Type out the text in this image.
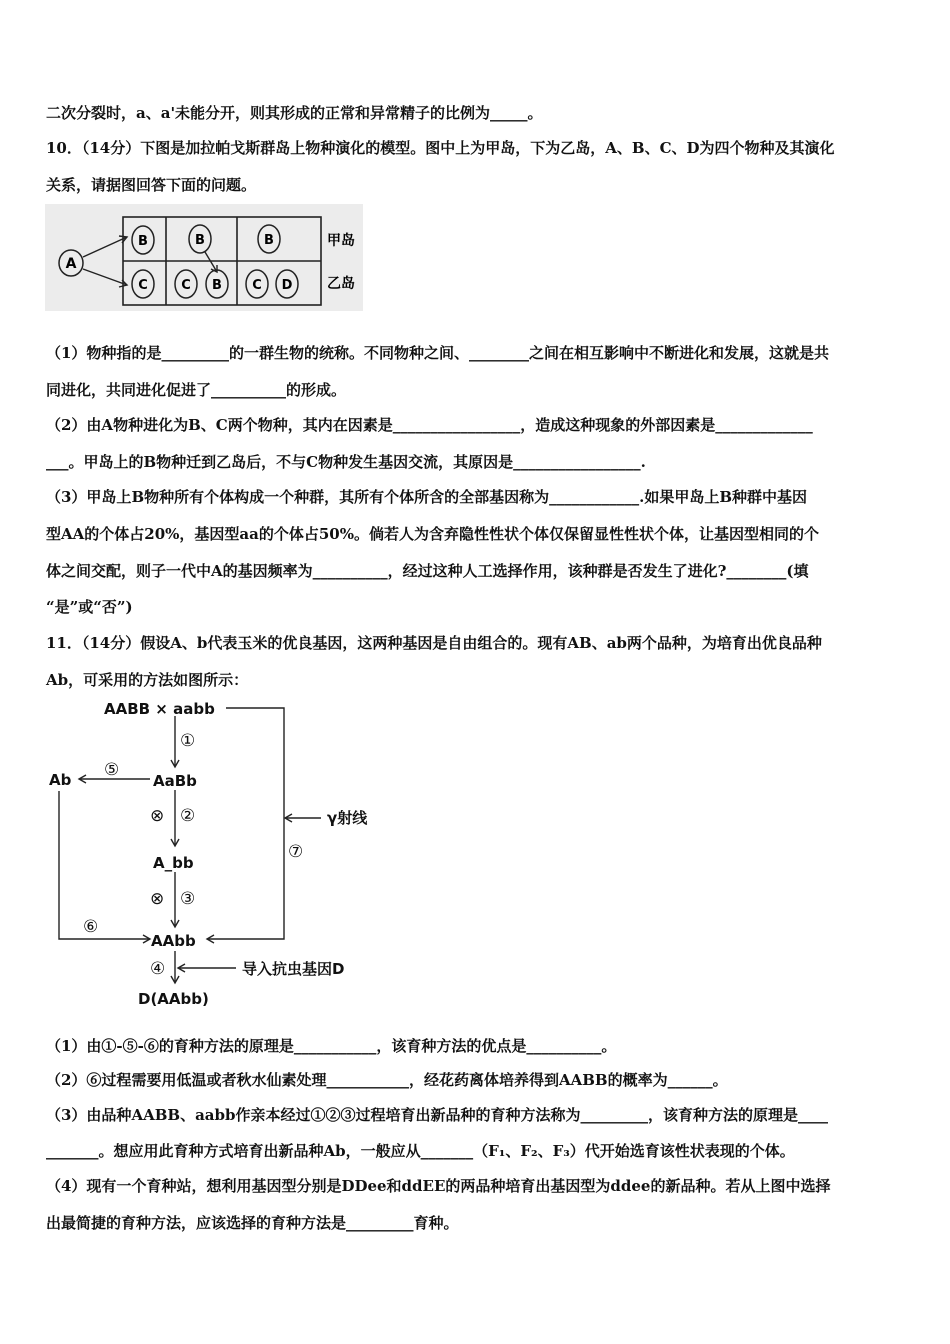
二次分裂时，a、a'未能分开，则其形成的正常和异常精子的比例为_____。
10．（14分）下图是加拉帕戈斯群岛上物种演化的模型。图中上为甲岛，下为乙岛，A、B、C、D为四个物种及其演化
关系，请据图回答下面的问题。
A
B	B	B
C	C B C D
甲岛
乙岛
（1）物种指的是_________的一群生物的统称。不同物种之间、________之间在相互影响中不断进化和发展，这就是共
同进化，共同进化促进了__________的形成。
（2）由A物种进化为B、C两个物种，其内在因素是_________________，造成这种现象的外部因素是_____________
___。甲岛上的B物种迁到乙岛后，不与C物种发生基因交流，其原因是_________________.
（3）甲岛上B物种所有个体构成一个种群，其所有个体所含的全部基因称为____________.如果甲岛上B种群中基因
型AA的个体占20%，基因型aa的个体占50%。倘若人为含弃隐性性状个体仅保留显性性状个体，让基因型相同的个
体之间交配，则子一代中A的基因频率为__________，经过这种人工选择作用，该种群是否发生了进化?________(填
“是”或“否”)
11．（14分）假设A、b代表玉米的优良基因，这两种基因是自由组合的。现有AB、ab两个品种，为培育出优良品种
Ab，可采用的方法如图所示：
AABB × aabb
AaBb
A_bb
AAbb
Ab
D(AAbb)
γ射线
导入抗虫基因D
①
②
③
④
⑤
⑥
⑦
⊗
⊗
（1）由①-⑤-⑥的育种方法的原理是___________，该育种方法的优点是__________。
（2）⑥过程需要用低温或者秋水仙素处理___________，经花药离体培养得到AABB的概率为______。
（3）由品种AABB、aabb作亲本经过①②③过程培育出新品种的育种方法称为_________，该育种方法的原理是____
_______。想应用此育种方式培育出新品种Ab，一般应从_______（F₁、F₂、F₃）代开始选育该性状表现的个体。
（4）现有一个育种站，想利用基因型分别是DDee和ddEE的两品种培育出基因型为ddee的新品种。若从上图中选择
出最简捷的育种方法，应该选择的育种方法是_________育种。
